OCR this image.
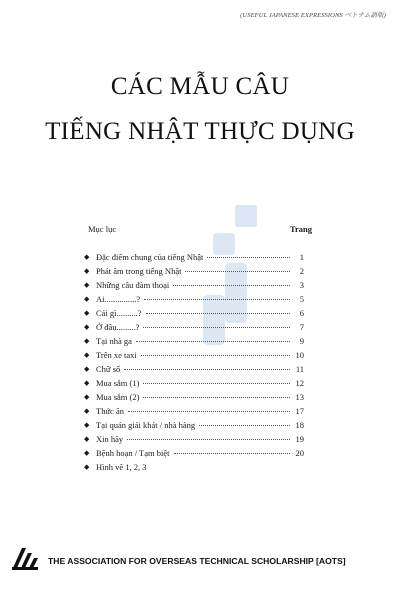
(USEFUL JAPANESE EXPRESSIONS ベトナム語版)
CÁC MẪU CÂU
TIẾNG NHẬT THỰC DỤNG
Mục lục	Trang
◆ Đặc điểm chung của tiếng Nhật	1
◆ Phát âm trong tiếng Nhật	2
◆ Những câu đàm thoại	3
◆ Ai...............?	5
◆ Cái gì..........?	6
◆ Ở đâu.........?	7
◆ Tại nhà ga	9
◆ Trên xe taxi	10
◆ Chữ số	11
◆ Mua sắm (1)	12
◆ Mua sắm (2)	13
◆ Thức ăn	17
◆ Tại quán giải khát / nhà hàng	18
◆ Xin hãy	19
◆ Bệnh hoạn / Tạm biệt	20
◆ Hình vẽ 1, 2, 3
THE ASSOCIATION FOR OVERSEAS TECHNICAL SCHOLARSHIP [AOTS]
